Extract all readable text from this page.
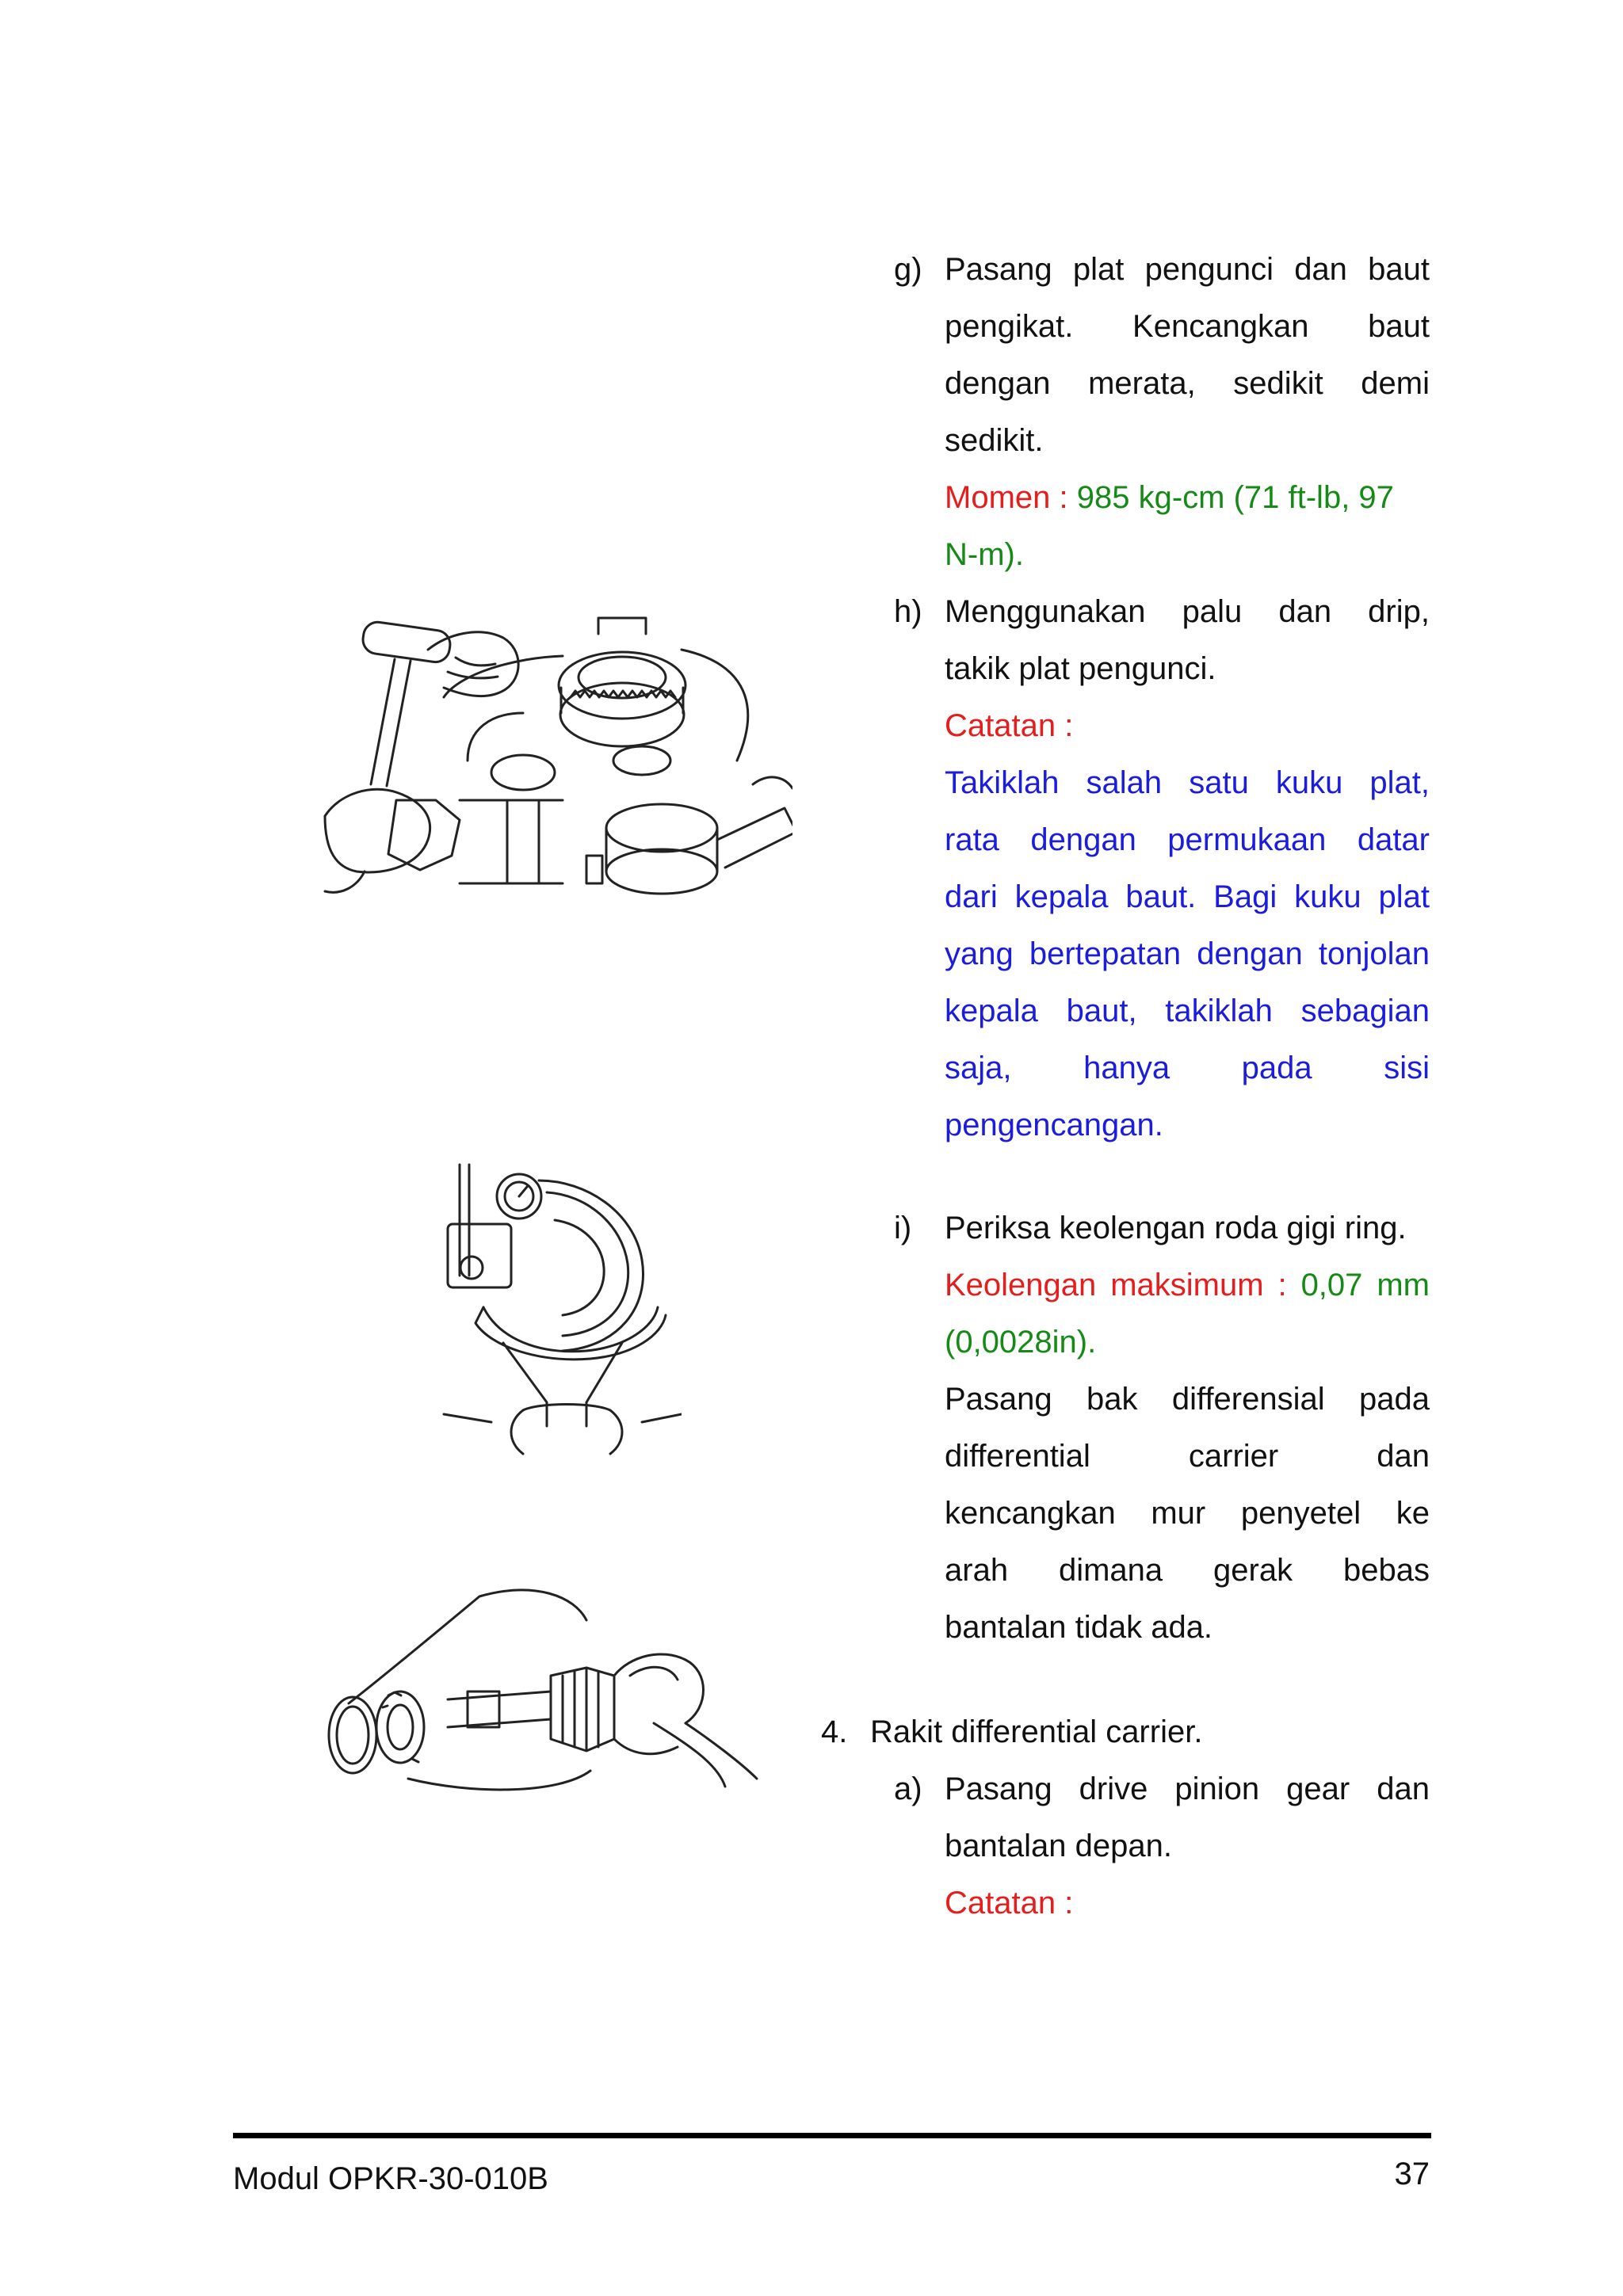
g) Pasang plat pengunci dan baut
pengikat. Kencangkan baut
dengan merata, sedikit demi
sedikit.
Momen : 985 kg-cm (71 ft-lb, 97
N-m).
h) Menggunakan palu dan drip,
takik plat pengunci.
Catatan :
Takiklah salah satu kuku plat,
rata dengan permukaan datar
dari kepala baut. Bagi kuku plat
yang bertepatan dengan tonjolan
kepala baut, takiklah sebagian
saja, hanya pada sisi
pengencangan.
i) Periksa keolengan roda gigi ring.
Keolengan maksimum : 0,07 mm
(0,0028in).
Pasang bak differensial pada
differential carrier dan
kencangkan mur penyetel ke
arah dimana gerak bebas
bantalan tidak ada.
4. Rakit differential carrier.
a) Pasang drive pinion gear dan
bantalan depan.
Catatan :
Modul OPKR-30-010B	37
